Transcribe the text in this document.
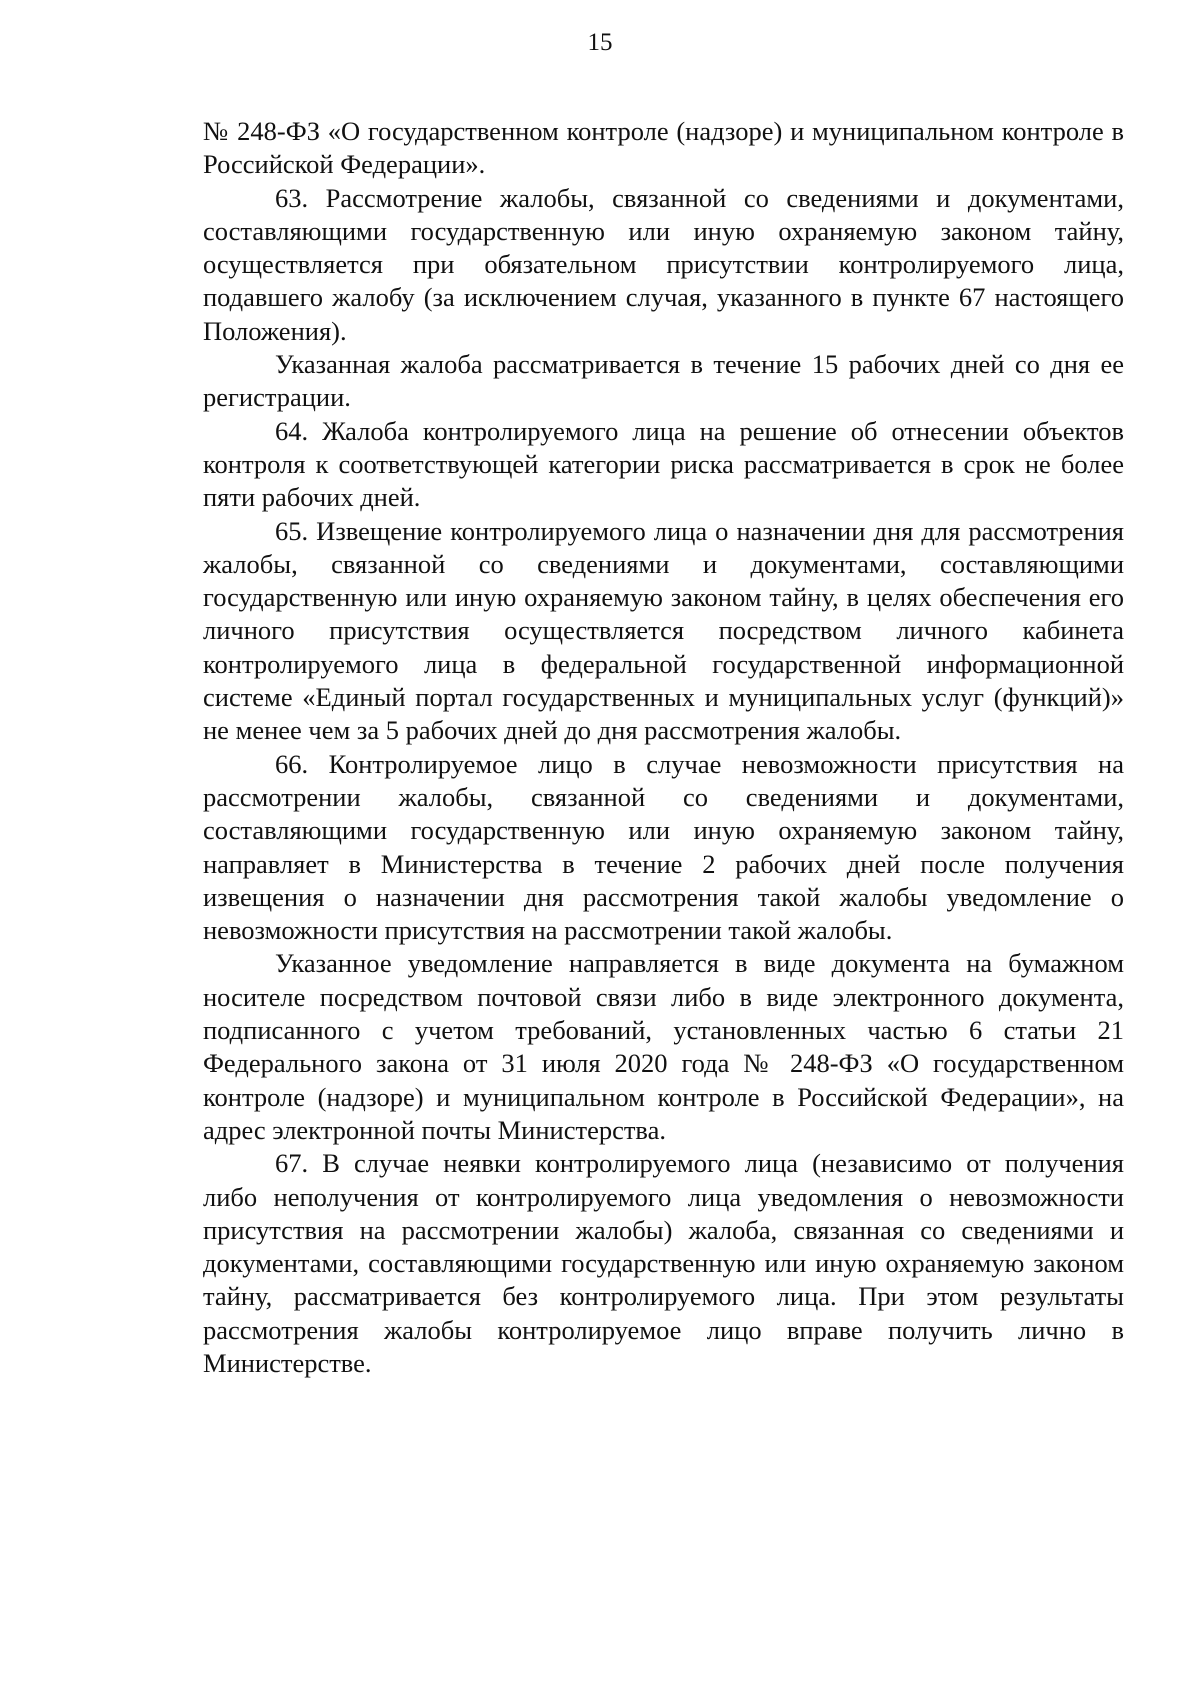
15

№ 248-ФЗ «О государственном контроле (надзоре) и муниципальном контроле в Российской Федерации».

63. Рассмотрение жалобы, связанной со сведениями и документами, составляющими государственную или иную охраняемую законом тайну, осуществляется при обязательном присутствии контролируемого лица, подавшего жалобу (за исключением случая, указанного в пункте 67 настоящего Положения).

Указанная жалоба рассматривается в течение 15 рабочих дней со дня ее регистрации.

64. Жалоба контролируемого лица на решение об отнесении объектов контроля к соответствующей категории риска рассматривается в срок не более пяти рабочих дней.

65. Извещение контролируемого лица о назначении дня для рассмотрения жалобы, связанной со сведениями и документами, составляющими государственную или иную охраняемую законом тайну, в целях обеспечения его личного присутствия осуществляется посредством личного кабинета контролируемого лица в федеральной государственной информационной системе «Единый портал государственных и муниципальных услуг (функций)» не менее чем за 5 рабочих дней до дня рассмотрения жалобы.

66. Контролируемое лицо в случае невозможности присутствия на рассмотрении жалобы, связанной со сведениями и документами, составляющими государственную или иную охраняемую законом тайну, направляет в Министерства в течение 2 рабочих дней после получения извещения о назначении дня рассмотрения такой жалобы уведомление о невозможности присутствия на рассмотрении такой жалобы.

Указанное уведомление направляется в виде документа на бумажном носителе посредством почтовой связи либо в виде электронного документа, подписанного с учетом требований, установленных частью 6 статьи 21 Федерального закона от 31 июля 2020 года № 248-ФЗ «О государственном контроле (надзоре) и муниципальном контроле в Российской Федерации», на адрес электронной почты Министерства.

67. В случае неявки контролируемого лица (независимо от получения либо неполучения от контролируемого лица уведомления о невозможности присутствия на рассмотрении жалобы) жалоба, связанная со сведениями и документами, составляющими государственную или иную охраняемую законом тайну, рассматривается без контролируемого лица. При этом результаты рассмотрения жалобы контролируемое лицо вправе получить лично в Министерстве.
